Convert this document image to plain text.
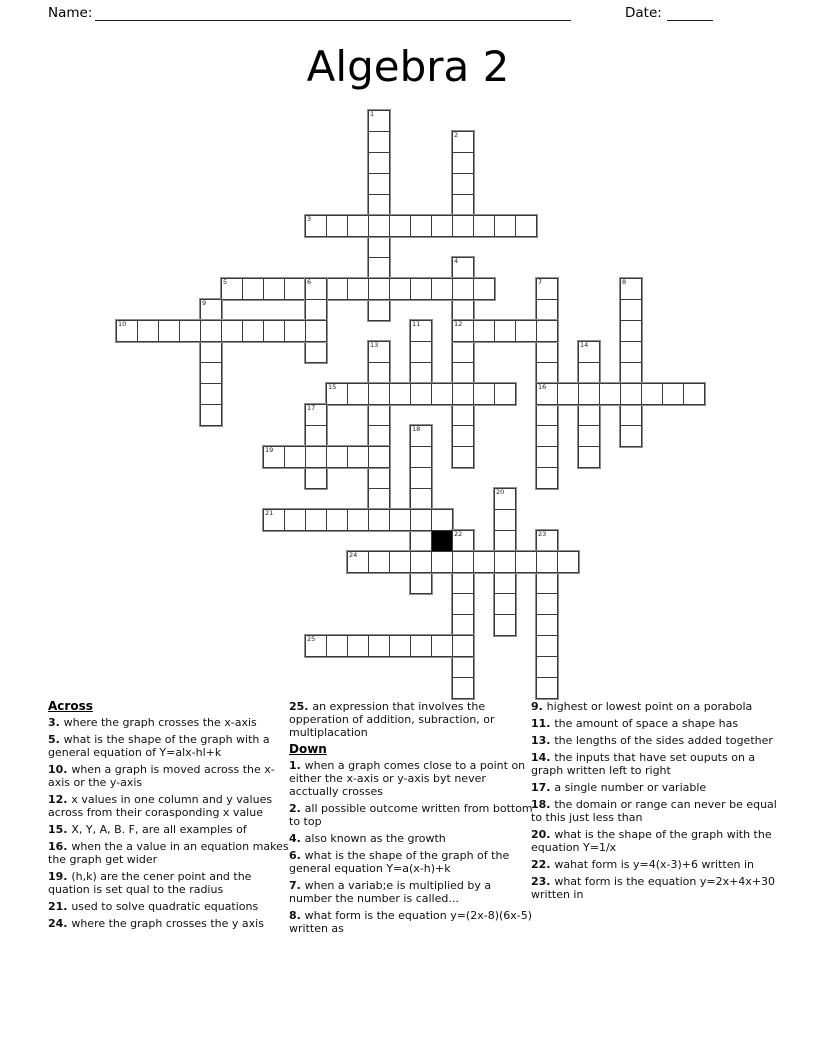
Name:	Date:
Algebra 2
1
2
3
4
5	6	7	8
9
10	11	12
13	14
15	16
17
18
19
20
21
22	23
24
25
Across
3. where the graph crosses the x-axis
5. what is the shape of the graph with a general equation of Y=alx-hl+k
10. when a graph is moved across the x-axis or the y-axis
12. x values in one column and y values across from their corasponding x value
15. X, Y, A, B. F, are all examples of
16. when the a value in an equation makes the graph get wider
19. (h,k) are the cener point and the quation is set qual to the radius
21. used to solve quadratic equations
24. where the graph crosses the y axis
25. an expression that involves the opperation of addition, subraction, or multiplacation
Down
1. when a graph comes close to a point on either the x-axis or y-axis byt never acctually crosses
2. all possible outcome written from bottom to top
4. also known as the growth
6. what is the shape of the graph of the general equation Y=a(x-h)+k
7. when a variab;e is multiplied by a number the number is called...
8. what form is the equation y=(2x-8)(6x-5) written as
9. highest or lowest point on a porabola
11. the amount of space a shape has
13. the lengths of the sides added together
14. the inputs that have set ouputs on a graph written left to right
17. a single number or variable
18. the domain or range can never be equal to this just less than
20. what is the shape of the graph with the equation Y=1/x
22. wahat form is y=4(x-3)+6 written in
23. what form is the equation y=2x+4x+30 written in
